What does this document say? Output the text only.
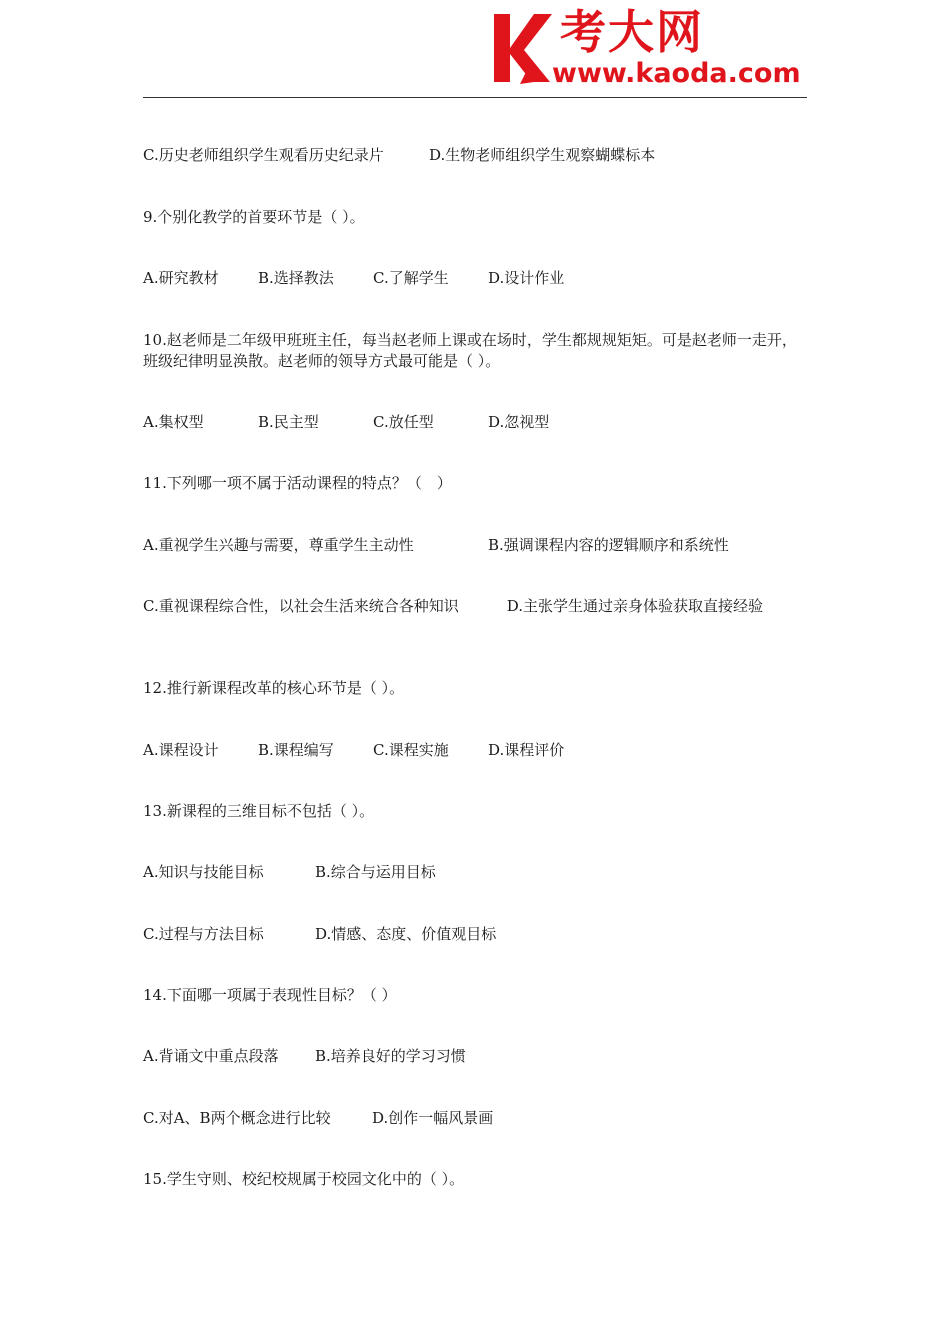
考大网
www.kaoda.com
C.历史老师组织学生观看历史纪录片	D.生物老师组织学生观察蝴蝶标本
9.个别化教学的首要环节是（ ）。
A.研究教材	B.选择教法	C.了解学生	D.设计作业
10.赵老师是二年级甲班班主任，每当赵老师上课或在场时，学生都规规矩矩。可是赵老师一走开，班级纪律明显涣散。赵老师的领导方式最可能是（ ）。
A.集权型	B.民主型	C.放任型	D.忽视型
11.下列哪一项不属于活动课程的特点？（　）
A.重视学生兴趣与需要，尊重学生主动性	B.强调课程内容的逻辑顺序和系统性
C.重视课程综合性，以社会生活来统合各种知识	D.主张学生通过亲身体验获取直接经验
12.推行新课程改革的核心环节是（ ）。
A.课程设计	B.课程编写	C.课程实施	D.课程评价
13.新课程的三维目标不包括（ ）。
A.知识与技能目标	B.综合与运用目标
C.过程与方法目标	D.情感、态度、价值观目标
14.下面哪一项属于表现性目标？（ ）
A.背诵文中重点段落 B.培养良好的学习习惯
C.对A、B两个概念进行比较	D.创作一幅风景画
15.学生守则、校纪校规属于校园文化中的（ ）。
